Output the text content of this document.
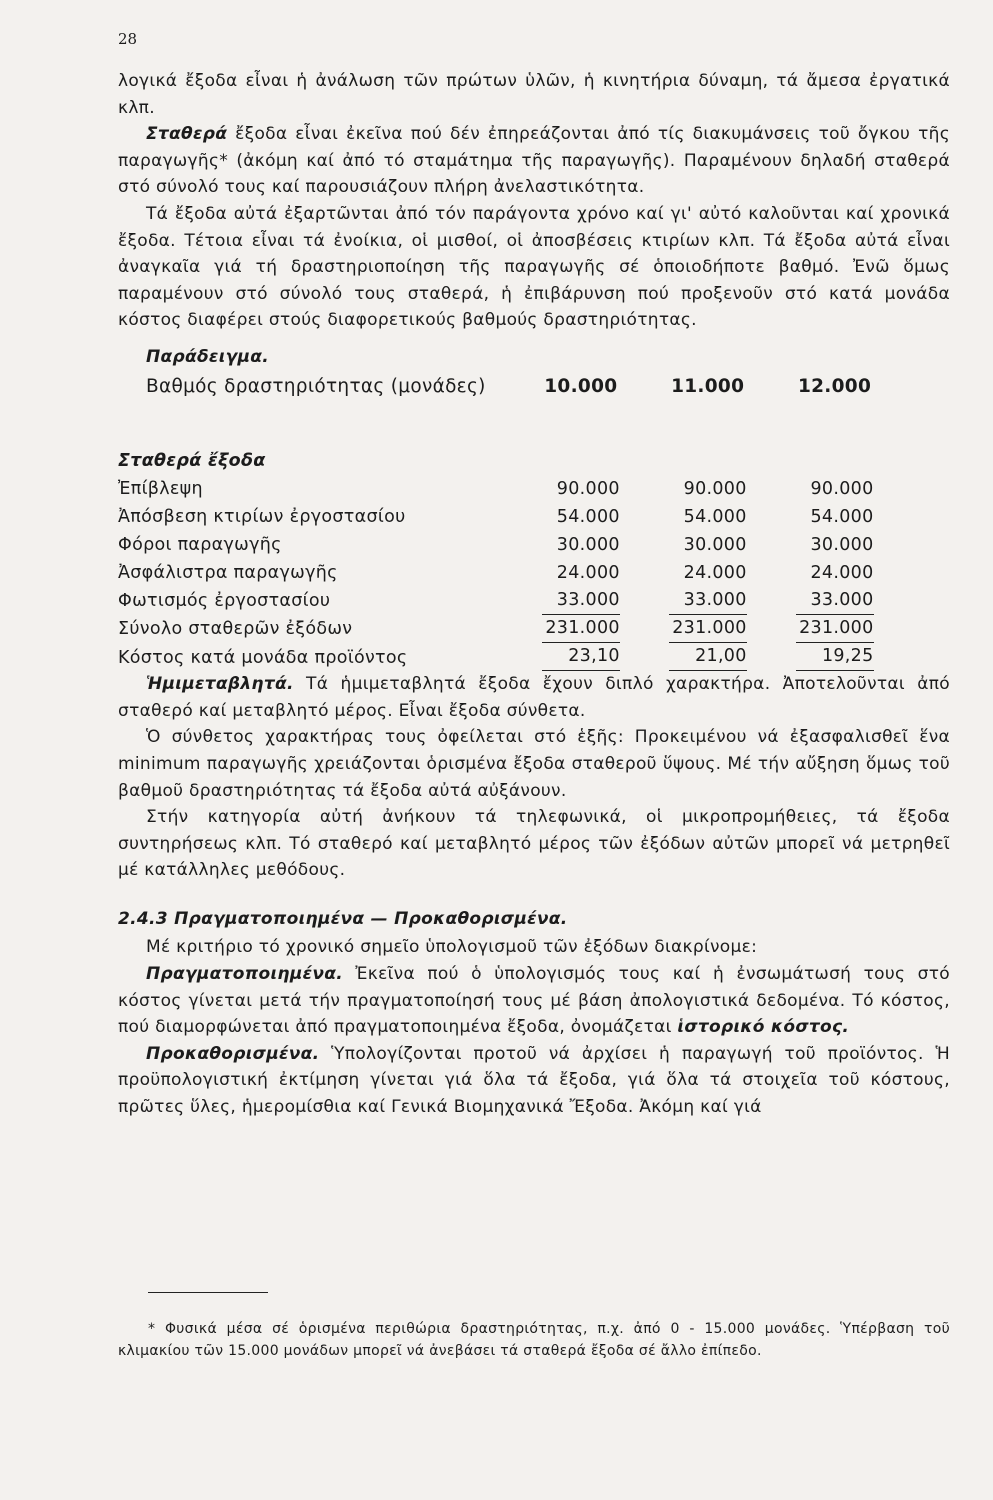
28

λογικά ἔξοδα εἶναι ἡ ἀνάλωση τῶν πρώτων ὑλῶν, ἡ κινητήρια δύναμη, τά ἄμεσα ἐργατικά κλπ.

Σταθερά ἔξοδα εἶναι ἐκεῖνα πού δέν ἐπηρεάζονται ἀπό τίς διακυμάνσεις τοῦ ὄγκου τῆς παραγωγῆς* (ἀκόμη καί ἀπό τό σταμάτημα τῆς παραγωγῆς). Παραμένουν δηλαδή σταθερά στό σύνολό τους καί παρουσιάζουν πλήρη ἀνελαστικότητα.

Τά ἔξοδα αὐτά ἐξαρτῶνται ἀπό τόν παράγοντα χρόνο καί γι' αὐτό καλοῦνται καί χρονικά ἔξοδα. Τέτοια εἶναι τά ἐνοίκια, οἱ μισθοί, οἱ ἀποσβέσεις κτιρίων κλπ. Τά ἔξοδα αὐτά εἶναι ἀναγκαῖα γιά τή δραστηριοποίηση τῆς παραγωγῆς σέ ὁποιοδήποτε βαθμό. Ἐνῶ ὅμως παραμένουν στό σύνολό τους σταθερά, ἡ ἐπιβάρυνση πού προξενοῦν στό κατά μονάδα κόστος διαφέρει στούς διαφορετικούς βαθμούς δραστηριότητας.

Παράδειγμα.

Βαθμός δραστηριότητας (μονάδες)	10.000	11.000	12.000

Σταθερά ἔξοδα			
Ἐπίβλεψη	90.000	90.000	90.000
Ἀπόσβεση κτιρίων ἐργοστασίου	54.000	54.000	54.000
Φόροι παραγωγῆς	30.000	30.000	30.000
Ἀσφάλιστρα παραγωγῆς	24.000	24.000	24.000
Φωτισμός ἐργοστασίου	33.000	33.000	33.000
Σύνολο σταθερῶν ἐξόδων	231.000	231.000	231.000
Κόστος κατά μονάδα προϊόντος	23,10	21,00	19,25

Ἡμιμεταβλητά. Τά ἡμιμεταβλητά ἔξοδα ἔχουν διπλό χαρακτήρα. Ἀποτελοῦνται ἀπό σταθερό καί μεταβλητό μέρος. Εἶναι ἔξοδα σύνθετα.

Ὁ σύνθετος χαρακτήρας τους ὀφείλεται στό ἑξῆς: Προκειμένου νά ἐξασφαλισθεῖ ἕνα minimum παραγωγῆς χρειάζονται ὁρισμένα ἔξοδα σταθεροῦ ὕψους. Μέ τήν αὔξηση ὅμως τοῦ βαθμοῦ δραστηριότητας τά ἔξοδα αὐτά αὐξάνουν.

Στήν κατηγορία αὐτή ἀνήκουν τά τηλεφωνικά, οἱ μικροπρομήθειες, τά ἔξοδα συντηρήσεως κλπ. Τό σταθερό καί μεταβλητό μέρος τῶν ἐξόδων αὐτῶν μπορεῖ νά μετρηθεῖ μέ κατάλληλες μεθόδους.

2.4.3 Πραγματοποιημένα — Προκαθορισμένα.

Μέ κριτήριο τό χρονικό σημεῖο ὑπολογισμοῦ τῶν ἐξόδων διακρίνομε:

Πραγματοποιημένα. Ἐκεῖνα πού ὁ ὑπολογισμός τους καί ἡ ἐνσωμάτωσή τους στό κόστος γίνεται μετά τήν πραγματοποίησή τους μέ βάση ἀπολογιστικά δεδομένα. Τό κόστος, πού διαμορφώνεται ἀπό πραγματοποιημένα ἔξοδα, ὀνομάζεται ἱστορικό κόστος.

Προκαθορισμένα. Ὑπολογίζονται προτοῦ νά ἀρχίσει ἡ παραγωγή τοῦ προϊόντος. Ἡ προϋπολογιστική ἐκτίμηση γίνεται γιά ὅλα τά ἔξοδα, γιά ὅλα τά στοιχεῖα τοῦ κόστους, πρῶτες ὕλες, ἡμερομίσθια καί Γενικά Βιομηχανικά Ἔξοδα. Ἀκόμη καί γιά

* Φυσικά μέσα σέ ὁρισμένα περιθώρια δραστηριότητας, π.χ. ἀπό 0 - 15.000 μονάδες. Ὑπέρβαση τοῦ κλιμακίου τῶν 15.000 μονάδων μπορεῖ νά ἀνεβάσει τά σταθερά ἔξοδα σέ ἄλλο ἐπίπεδο.
